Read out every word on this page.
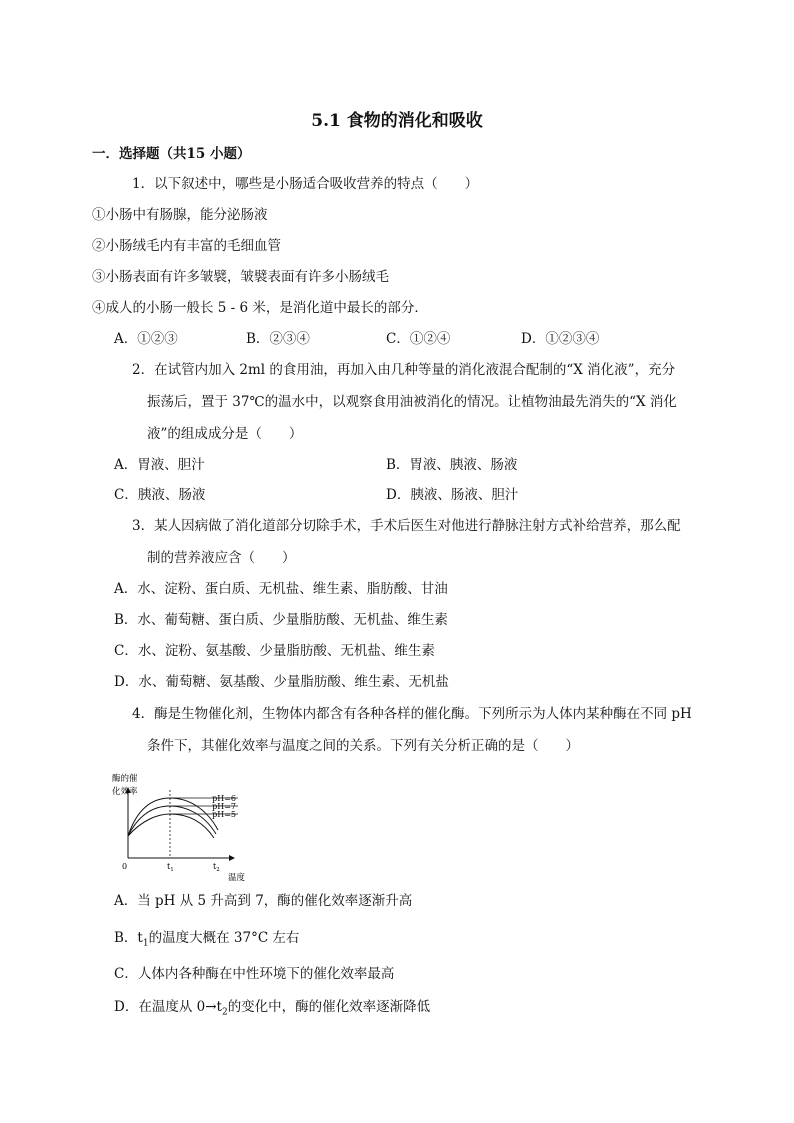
5.1 食物的消化和吸收
一．选择题（共15 小题）
1．以下叙述中，哪些是小肠适合吸收营养的特点（　　）
①小肠中有肠腺，能分泌肠液
②小肠绒毛内有丰富的毛细血管
③小肠表面有许多皱襞，皱襞表面有许多小肠绒毛
④成人的小肠一般长 5 - 6 米，是消化道中最长的部分．
A．①②③	B．②③④	C．①②④	D．①②③④
2．在试管内加入 2ml 的食用油，再加入由几种等量的消化液混合配制的“X 消化液”，充分
振荡后，置于 37℃的温水中，以观察食用油被消化的情况。让植物油最先消失的“X 消化
液”的组成成分是（　　）
A．胃液、胆汁	B．胃液、胰液、肠液
C．胰液、肠液	D．胰液、肠液、胆汁
3．某人因病做了消化道部分切除手术，手术后医生对他进行静脉注射方式补给营养，那么配
制的营养液应含（　　）
A．水、淀粉、蛋白质、无机盐、维生素、脂肪酸、甘油
B．水、葡萄糖、蛋白质、少量脂肪酸、无机盐、维生素
C．水、淀粉、氨基酸、少量脂肪酸、无机盐、维生素
D．水、葡萄糖、氨基酸、少量脂肪酸、维生素、无机盐
4．酶是生物催化剂，生物体内都含有各种各样的催化酶。下列所示为人体内某种酶在不同 pH
条件下，其催化效率与温度之间的关系。下列有关分析正确的是（　　）
酶的催
化效率
pH=6
pH=7
pH=5
0	$t_1$	$t_2$
温度
A．当 pH 从 5 升高到 7，酶的催化效率逐渐升高
B．$t_1$的温度大概在 37°C 左右
C．人体内各种酶在中性环境下的催化效率最高
D．在温度从 $0\to t_2$的变化中，酶的催化效率逐渐降低
